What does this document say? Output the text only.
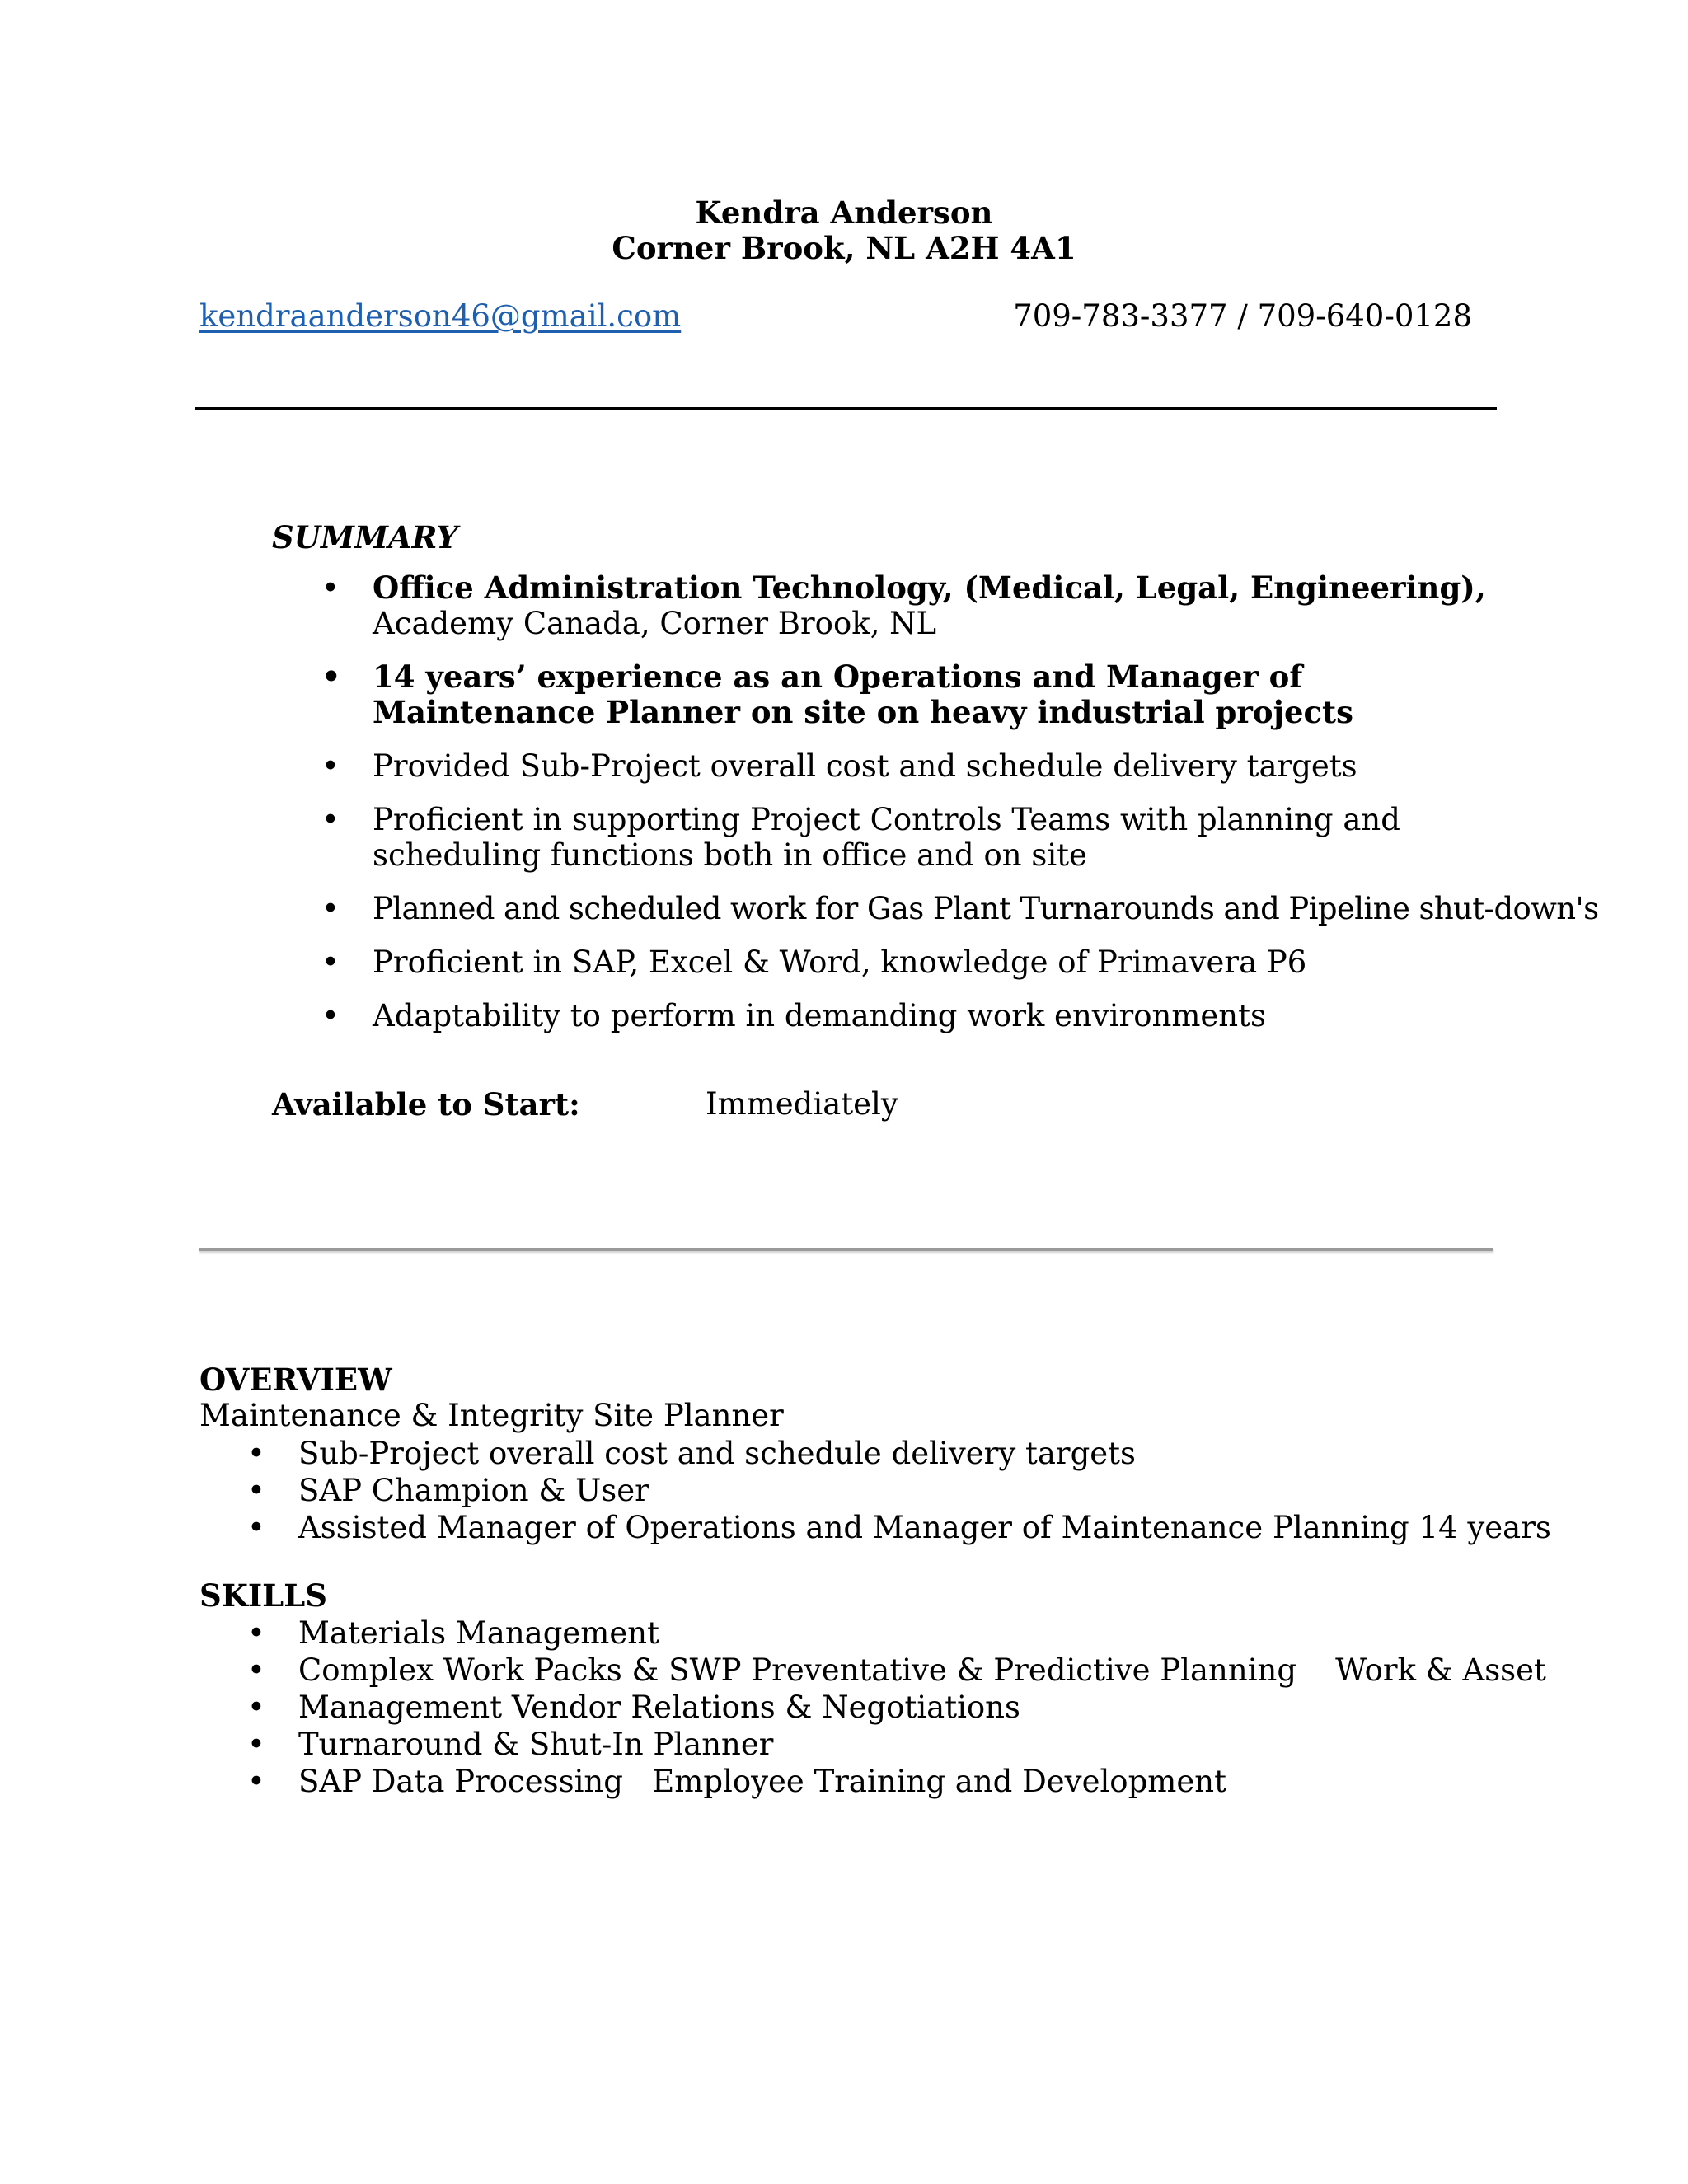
Kendra Anderson
Corner Brook, NL A2H 4A1
kendraanderson46@gmail.com	709-783-3377 / 709-640-0128
SUMMARY
• Office Administration Technology, (Medical, Legal, Engineering),
Academy Canada, Corner Brook, NL
• 14 years’ experience as an Operations and Manager of Maintenance Planner on site on heavy industrial projects
• Provided Sub-Project overall cost and schedule delivery targets
• Proficient in supporting Project Controls Teams with planning and scheduling functions both in office and on site
• Planned and scheduled work for Gas Plant Turnarounds and Pipeline shut-down's
• Proficient in SAP, Excel & Word, knowledge of Primavera P6
• Adaptability to perform in demanding work environments
Available to Start:	Immediately
OVERVIEW
Maintenance & Integrity Site Planner
• Sub-Project overall cost and schedule delivery targets
• SAP Champion & User
• Assisted Manager of Operations and Manager of Maintenance Planning 14 years
SKILLS
• Materials Management
• Complex Work Packs & SWP Preventative & Predictive Planning    Work & Asset
• Management Vendor Relations & Negotiations
• Turnaround & Shut-In Planner
• SAP Data Processing   Employee Training and Development
